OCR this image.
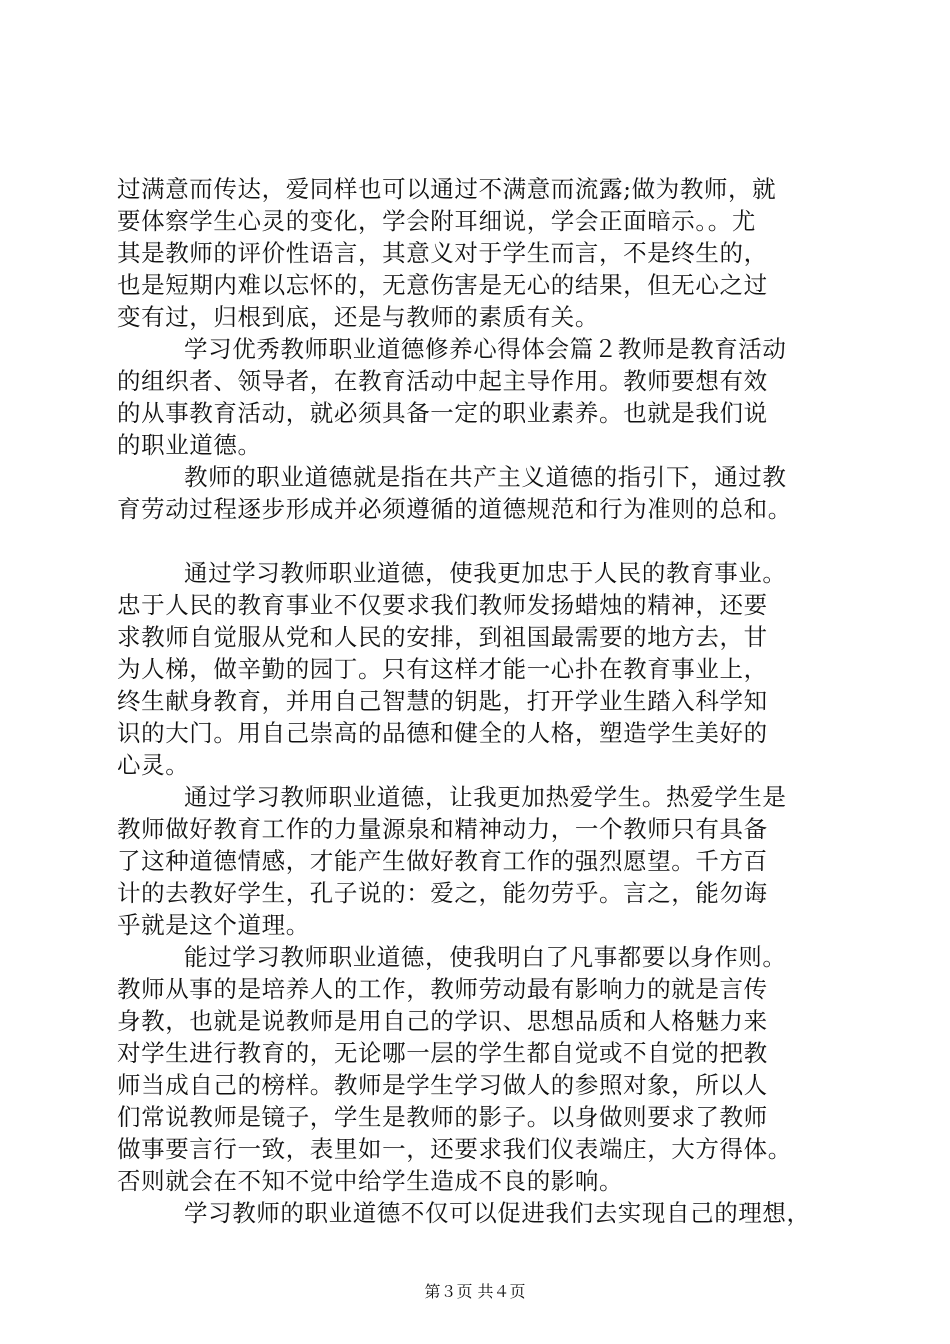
过满意而传达，爱同样也可以通过不满意而流露;做为教师，就
要体察学生心灵的变化，学会附耳细说，学会正面暗示。。尤
其是教师的评价性语言，其意义对于学生而言，不是终生的，
也是短期内难以忘怀的，无意伤害是无心的结果，但无心之过
变有过，归根到底，还是与教师的素质有关。
学习优秀教师职业道德修养心得体会篇２教师是教育活动
的组织者、领导者，在教育活动中起主导作用。教师要想有效
的从事教育活动，就必须具备一定的职业素养。也就是我们说
的职业道德。
教师的职业道德就是指在共产主义道德的指引下，通过教
育劳动过程逐步形成并必须遵循的道德规范和行为准则的总和。
通过学习教师职业道德，使我更加忠于人民的教育事业。
忠于人民的教育事业不仅要求我们教师发扬蜡烛的精神，还要
求教师自觉服从党和人民的安排，到祖国最需要的地方去，甘
为人梯，做辛勤的园丁。只有这样才能一心扑在教育事业上，
终生献身教育，并用自己智慧的钥匙，打开学业生踏入科学知
识的大门。用自己崇高的品德和健全的人格，塑造学生美好的
心灵。
通过学习教师职业道德，让我更加热爱学生。热爱学生是
教师做好教育工作的力量源泉和精神动力，一个教师只有具备
了这种道德情感，才能产生做好教育工作的强烈愿望。千方百
计的去教好学生，孔子说的：爱之，能勿劳乎。言之，能勿诲
乎就是这个道理。
能过学习教师职业道德，使我明白了凡事都要以身作则。
教师从事的是培养人的工作，教师劳动最有影响力的就是言传
身教，也就是说教师是用自己的学识、思想品质和人格魅力来
对学生进行教育的，无论哪一层的学生都自觉或不自觉的把教
师当成自己的榜样。教师是学生学习做人的参照对象，所以人
们常说教师是镜子，学生是教师的影子。以身做则要求了教师
做事要言行一致，表里如一，还要求我们仪表端庄，大方得体。
否则就会在不知不觉中给学生造成不良的影响。
学习教师的职业道德不仅可以促进我们去实现自己的理想，
第３页 共４页
